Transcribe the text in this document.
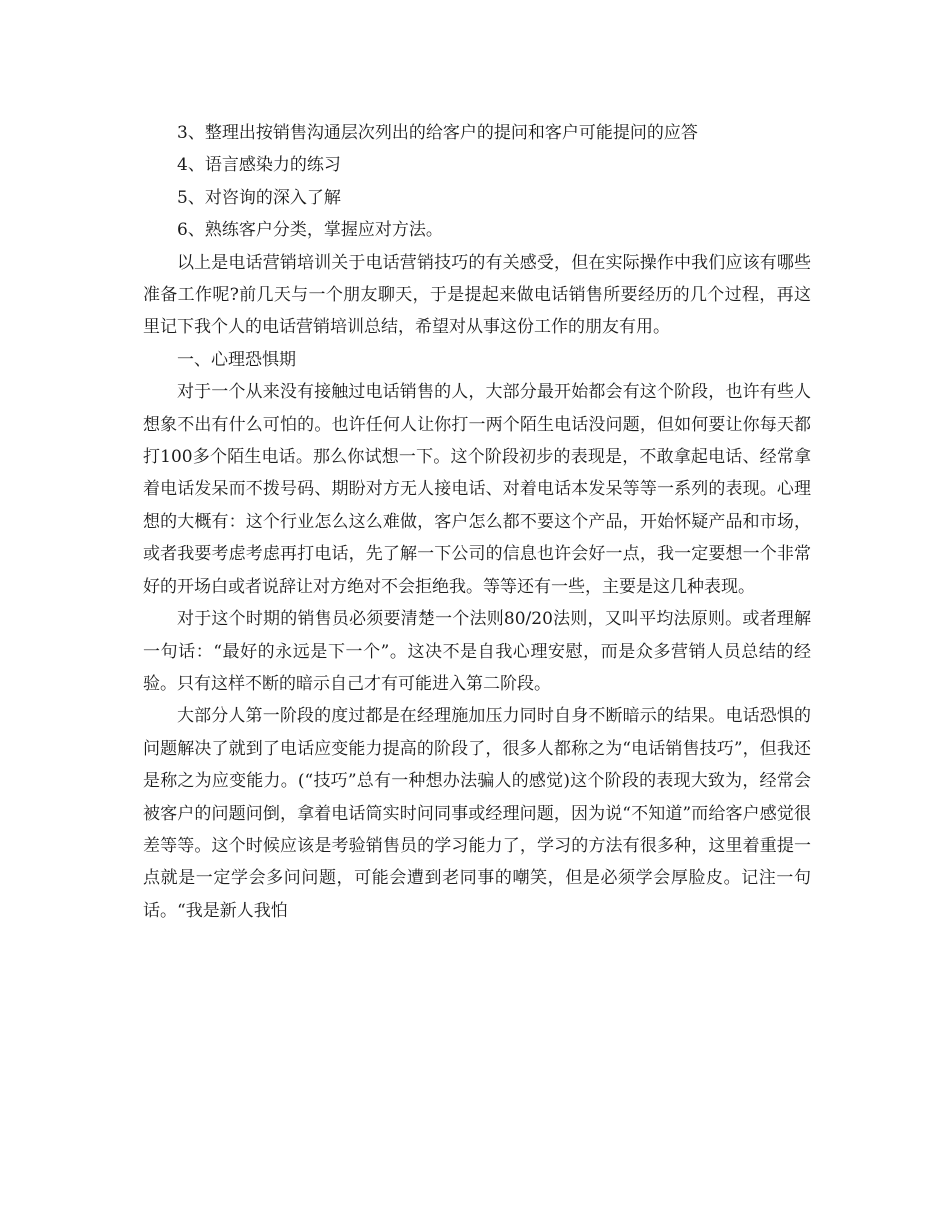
3、整理出按销售沟通层次列出的给客户的提问和客户可能提问的应答

4、语言感染力的练习

5、对咨询的深入了解

6、熟练客户分类，掌握应对方法。

以上是电话营销培训关于电话营销技巧的有关感受，但在实际操作中我们应该有哪些准备工作呢?前几天与一个朋友聊天，于是提起来做电话销售所要经历的几个过程，再这里记下我个人的电话营销培训总结，希望对从事这份工作的朋友有用。

一、心理恐惧期

对于一个从来没有接触过电话销售的人，大部分最开始都会有这个阶段，也许有些人想象不出有什么可怕的。也许任何人让你打一两个陌生电话没问题，但如何要让你每天都打100多个陌生电话。那么你试想一下。这个阶段初步的表现是，不敢拿起电话、经常拿着电话发呆而不拨号码、期盼对方无人接电话、对着电话本发呆等等一系列的表现。心理想的大概有：这个行业怎么这么难做，客户怎么都不要这个产品，开始怀疑产品和市场，或者我要考虑考虑再打电话，先了解一下公司的信息也许会好一点，我一定要想一个非常好的开场白或者说辞让对方绝对不会拒绝我。等等还有一些，主要是这几种表现。

对于这个时期的销售员必须要清楚一个法则80/20法则，又叫平均法原则。或者理解一句话：“最好的永远是下一个”。这决不是自我心理安慰，而是众多营销人员总结的经验。只有这样不断的暗示自己才有可能进入第二阶段。

大部分人第一阶段的度过都是在经理施加压力同时自身不断暗示的结果。电话恐惧的问题解决了就到了电话应变能力提高的阶段了，很多人都称之为“电话销售技巧”，但我还是称之为应变能力。(“技巧”总有一种想办法骗人的感觉)这个阶段的表现大致为，经常会被客户的问题问倒，拿着电话筒实时问同事或经理问题，因为说“不知道”而给客户感觉很差等等。这个时候应该是考验销售员的学习能力了，学习的方法有很多种，这里着重提一点就是一定学会多问问题，可能会遭到老同事的嘲笑，但是必须学会厚脸皮。记注一句话。“我是新人我怕
